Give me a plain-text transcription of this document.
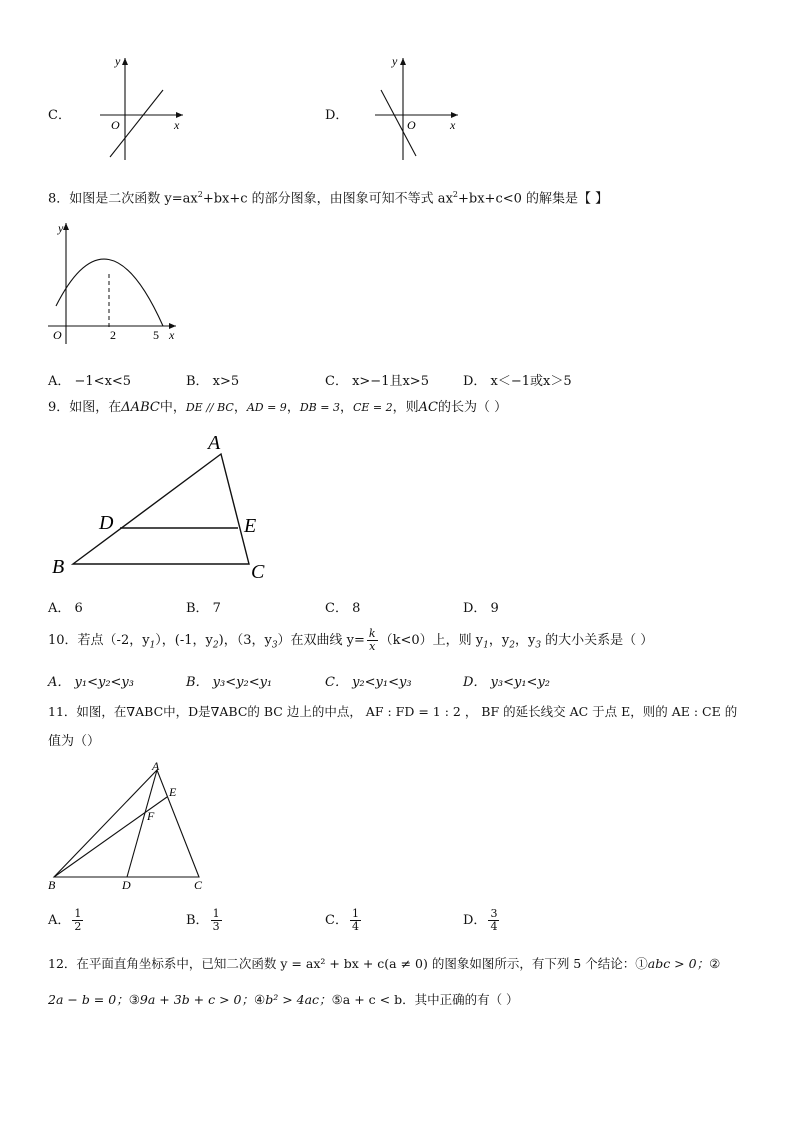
C．
y
x
O
D．
y
x
O
8．如图是二次函数 $y=ax^2+bx+c$ 的部分图象，由图象可知不等式 $ax^2+bx+c<0$ 的解集是【 】
y
x
O	2	5
A． −1<x<5	B． x>5	C． x>−1且x>5	D． x＜−1或x＞5
9．如图，在ΔABC中，DE // BC，AD = 9，DB = 3，CE = 2，则AC的长为（ ）
A
B	C
D	E
A． 6	B． 7	C． 8	D． 9
10．若点（-2，$y_1$），(-1，$y_2$)，（3，$y_3$）在双曲线 $y= \frac{k}{x} (k<0)$上，则 $y_1$，$y_2$，$y_3$ 的大小关系是（ ）
A． y₁<y₂<y₃	B． y₃<y₂<y₁	C． y₂<y₁<y₃	D． y₃<y₁<y₂
11．如图，在∇ABC中，D是∇ABC的 BC 边上的中点， AF : FD = 1 : 2 ， BF 的延长线交 AC 于点 E，则的 AE : CE 的
值为（）
A
B	C
D
E
F
A． $\frac{1}{2}$	B． $\frac{1}{3}$	C． $\frac{1}{4}$	D． $\frac{3}{4}$
12．在平面直角坐标系中，已知二次函数 y = ax² + bx + c(a ≠ 0) 的图象如图所示，有下列 5 个结论：①abc > 0；②
2a − b = 0；③9a + 3b + c > 0；④b² > 4ac；⑤a + c < b．其中正确的有（ ）
